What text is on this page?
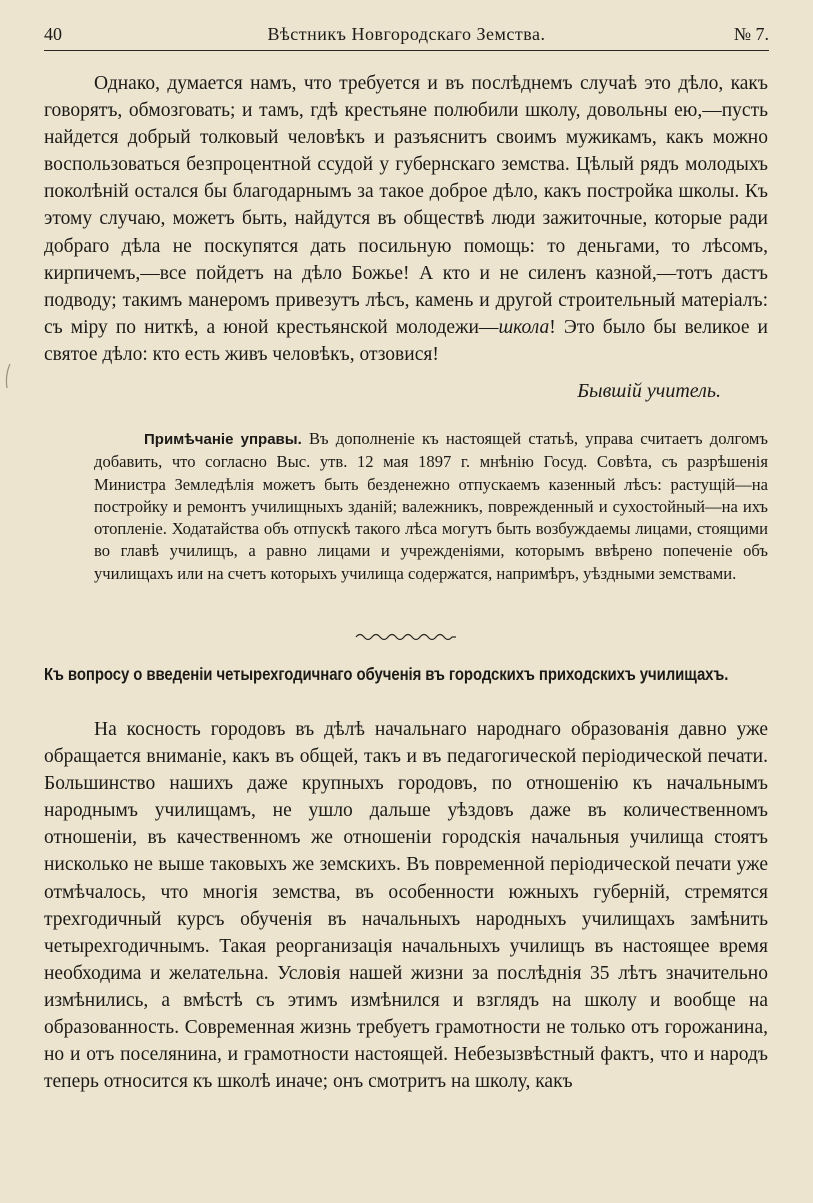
40	Вѣстникъ Новгородскаго Земства.	№ 7.
Однако, думается намъ, что требуется и въ послѣднемъ случаѣ это дѣло, какъ говорятъ, обмозговать; и тамъ, гдѣ крестьяне полюбили школу, довольны ею,—пусть найдется добрый толковый человѣкъ и разъяснитъ своимъ мужикамъ, какъ можно воспользоваться безпроцентной ссудой у губернскаго земства. Цѣлый рядъ молодыхъ поколѣній остался бы благодарнымъ за такое доброе дѣло, какъ постройка школы. Къ этому случаю, можетъ быть, найдутся въ обществѣ люди зажиточные, которые ради добраго дѣла не поскупятся дать посильную помощь: то деньгами, то лѣсомъ, кирпичемъ,—все пойдетъ на дѣло Божье! А кто и не силенъ казной,—тотъ дастъ подводу; такимъ манеромъ привезутъ лѣсъ, камень и другой строительный матеріалъ: съ міру по ниткѣ, а юной крестьянской молодежи—школа! Это было бы великое и святое дѣло: кто есть живъ человѣкъ, отзовися!
Бывшій учитель.
Примѣчаніе управы. Въ дополненіе къ настоящей статьѣ, управа считаетъ долгомъ добавить, что согласно Выс. утв. 12 мая 1897 г. мнѣнію Госуд. Совѣта, съ разрѣшенія Министра Земледѣлія можетъ быть безденежно отпускаемъ казенный лѣсъ: растущій—на постройку и ремонтъ училищныхъ зданій; валежникъ, поврежденный и сухостойный—на ихъ отопленіе. Ходатайства объ отпускѣ такого лѣса могутъ быть возбуждаемы лицами, стоящими во главѣ училищъ, а равно лицами и учрежденіями, которымъ ввѣрено попеченіе объ училищахъ или на счетъ которыхъ училища содержатся, напримѣръ, уѣздными земствами.
Къ вопросу о введеніи четырехгодичнаго обученія въ городскихъ приходскихъ училищахъ.
На косность городовъ въ дѣлѣ начальнаго народнаго образованія давно уже обращается вниманіе, какъ въ общей, такъ и въ педагогической періодической печати. Большинство нашихъ даже крупныхъ городовъ, по отношенію къ начальнымъ народнымъ училищамъ, не ушло дальше уѣздовъ даже въ количественномъ отношеніи, въ качественномъ же отношеніи городскія начальныя училища стоятъ нисколько не выше таковыхъ же земскихъ. Въ повременной періодической печати уже отмѣчалось, что многія земства, въ особенности южныхъ губерній, стремятся трехгодичный курсъ обученія въ начальныхъ народныхъ училищахъ замѣнить четырехгодичнымъ. Такая реорганизація начальныхъ училищъ въ настоящее время необходима и желательна. Условія нашей жизни за послѣднія 35 лѣтъ значительно измѣнились, а вмѣстѣ съ этимъ измѣнился и взглядъ на школу и вообще на образованность. Современная жизнь требуетъ грамотности не только отъ горожанина, но и отъ поселянина, и грамотности настоящей. Небезызвѣстный фактъ, что и народъ теперь относится къ школѣ иначе; онъ смотритъ на школу, какъ
